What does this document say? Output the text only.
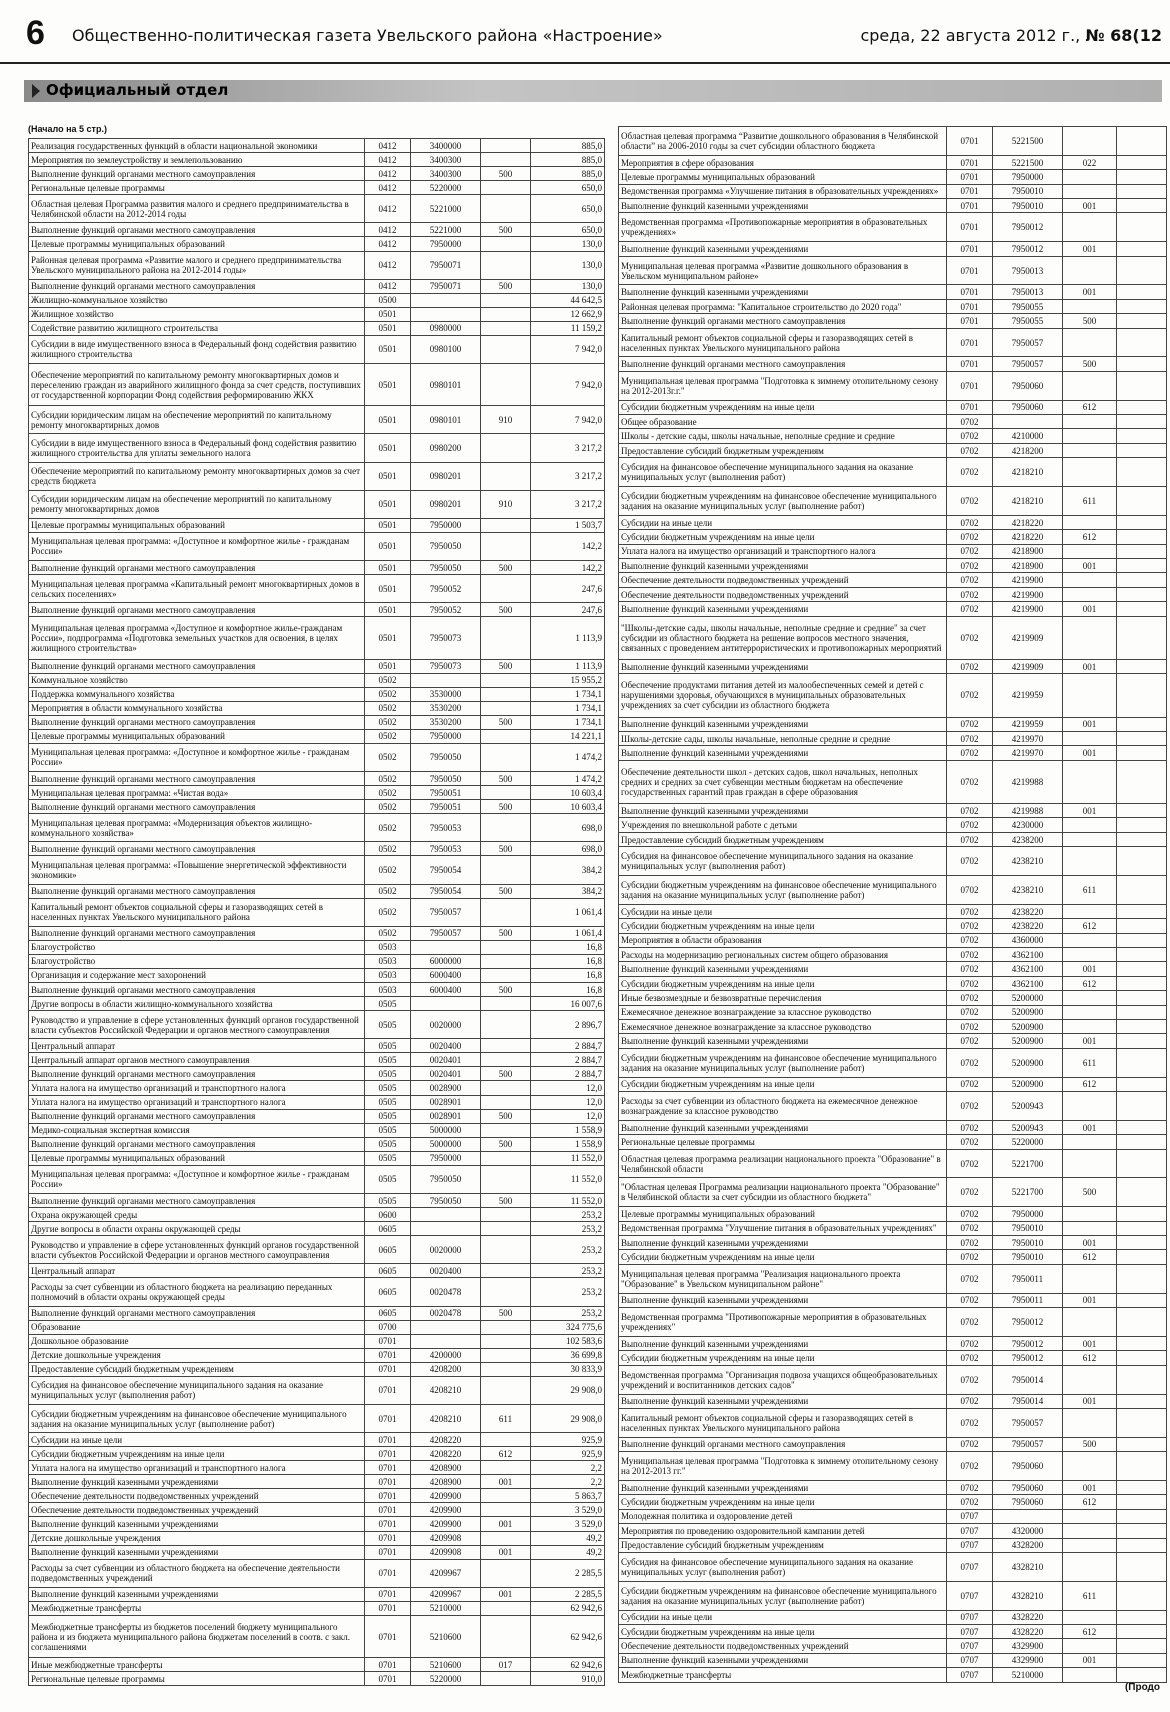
6 Общественно-политическая газета Увельского района «Настроение»	среда, 22 августа 2012 г., № 68(12
Официальный отдел
(Начало на 5 стр.)
Реализация государственных функций в области национальной экономики	0412	3400000		885,0
Мероприятия по землеустройству и землепользованию	0412	3400300		885,0
Выполнение функций органами местного самоуправления	0412	3400300	500	885,0
Региональные целевые программы	0412	5220000		650,0
Областная целевая Программа развития малого и среднего предпринимательства в Челябинской области на 2012-2014 годы	0412	5221000		650,0
Выполнение функций органами местного самоуправления	0412	5221000	500	650,0
Целевые программы муниципальных образований	0412	7950000		130,0
Районная целевая программа «Развитие малого и среднего предпринимательства Увельского муниципального района на 2012-2014 годы»	0412	7950071		130,0
Выполнение функций органами местного самоуправления	0412	7950071	500	130,0
Жилищно-коммунальное хозяйство	0500			44 642,5
Жилищное хозяйство	0501			12 662,9
Содействие развитию жилищного строительства	0501	0980000		11 159,2
Субсидии в виде имущественного взноса в Федеральный фонд содействия развитию жилищного строительства	0501	0980100		7 942,0
Обеспечение мероприятий по капитальному ремонту многоквартирных домов и переселению граждан из аварийного жилищного фонда за счет средств, поступивших от государственной корпорации Фонд содействия реформированию ЖКХ	0501	0980101		7 942,0
Субсидии юридическим лицам на обеспечение мероприятий по капитальному ремонту многоквартирных домов	0501	0980101	910	7 942,0
Субсидии в виде имущественного взноса в Федеральный фонд содействия развитию жилищного строительства для уплаты земельного налога	0501	0980200		3 217,2
Обеспечение мероприятий по капитальному ремонту многоквартирных домов за счет средств бюджета	0501	0980201		3 217,2
Субсидии юридическим лицам на обеспечение мероприятий по капитальному ремонту многоквартирных домов	0501	0980201	910	3 217,2
Целевые программы муниципальных образований	0501	7950000		1 503,7
Муниципальная целевая программа: «Доступное и комфортное жилье - гражданам России»	0501	7950050		142,2
Выполнение функций органами местного самоуправления	0501	7950050	500	142,2
Муниципальная целевая программа «Капитальный ремонт многоквартирных домов в сельских поселениях»	0501	7950052		247,6
Выполнение функций органами местного самоуправления	0501	7950052	500	247,6
Муниципальная целевая программа «Доступное и комфортное жилье-гражданам России», подпрограмма «Подготовка земельных участков для освоения, в целях жилищного строительства»	0501	7950073		1 113,9
Выполнение функций органами местного самоуправления	0501	7950073	500	1 113,9
Коммунальное хозяйство	0502			15 955,2
Поддержка коммунального хозяйства	0502	3530000		1 734,1
Мероприятия в области коммунального хозяйства	0502	3530200		1 734,1
Выполнение функций органами местного самоуправления	0502	3530200	500	1 734,1
Целевые программы муниципальных образований	0502	7950000		14 221,1
Муниципальная целевая программа: «Доступное и комфортное жилье - гражданам России»	0502	7950050		1 474,2
Выполнение функций органами местного самоуправления	0502	7950050	500	1 474,2
Муниципальная целевая программа: «Чистая вода»	0502	7950051		10 603,4
Выполнение функций органами местного самоуправления	0502	7950051	500	10 603,4
Муниципальная целевая программа: «Модернизация объектов жилищно-коммунального хозяйства»	0502	7950053		698,0
Выполнение функций органами местного самоуправления	0502	7950053	500	698,0
Муниципальная целевая программа: «Повышение энергетической эффективности экономики»	0502	7950054		384,2
Выполнение функций органами местного самоуправления	0502	7950054	500	384,2
Капитальный ремонт объектов социальной сферы и газоразводящих сетей в населенных пунктах Увельского муниципального района	0502	7950057		1 061,4
Выполнение функций органами местного самоуправления	0502	7950057	500	1 061,4
Благоустройство	0503			16,8
Благоустройство	0503	6000000		16,8
Организация и содержание мест захоронений	0503	6000400		16,8
Выполнение функций органами местного самоуправления	0503	6000400	500	16,8
Другие вопросы в области жилищно-коммунального хозяйства	0505			16 007,6
Руководство и управление в сфере установленных функций органов государственной власти субъектов Российской Федерации и органов местного самоуправления	0505	0020000		2 896,7
Центральный аппарат	0505	0020400		2 884,7
Центральный аппарат органов местного самоуправления	0505	0020401		2 884,7
Выполнение функций органами местного самоуправления	0505	0020401	500	2 884,7
Уплата налога на имущество организаций и транспортного налога	0505	0028900		12,0
Уплата налога на имущество организаций и транспортного налога	0505	0028901		12,0
Выполнение функций органами местного самоуправления	0505	0028901	500	12,0
Медико-социальная экспертная комиссия	0505	5000000		1 558,9
Выполнение функций органами местного самоуправления	0505	5000000	500	1 558,9
Целевые программы муниципальных образований	0505	7950000		11 552,0
Муниципальная целевая программа: «Доступное и комфортное жилье - гражданам России»	0505	7950050		11 552,0
Выполнение функций органами местного самоуправления	0505	7950050	500	11 552,0
Охрана окружающей среды	0600			253,2
Другие вопросы в области охраны окружающей среды	0605			253,2
Руководство и управление в сфере установленных функций органов государственной власти субъектов Российской Федерации и органов местного самоуправления	0605	0020000		253,2
Центральный аппарат	0605	0020400		253,2
Расходы за счет субвенции из областного бюджета на реализацию переданных полномочий в области охраны окружающей среды	0605	0020478		253,2
Выполнение функций органами местного самоуправления	0605	0020478	500	253,2
Образование	0700			324 775,6
Дошкольное образование	0701			102 583,6
Детские дошкольные учреждения	0701	4200000		36 699,8
Предоставление субсидий бюджетным учреждениям	0701	4208200		30 833,9
Субсидия на финансовое обеспечение муниципального задания на оказание муниципальных услуг (выполнения работ)	0701	4208210		29 908,0
Субсидии бюджетным учреждениям на финансовое обеспечение муниципального задания на оказание муниципальных услуг (выполнение работ)	0701	4208210	611	29 908,0
Субсидии на иные цели	0701	4208220		925,9
Субсидии бюджетным учреждениям на иные цели	0701	4208220	612	925,9
Уплата налога на имущество организаций и транспортного налога	0701	4208900		2,2
Выполнение функций казенными учреждениями	0701	4208900	001	2,2
Обеспечение деятельности подведомственных учреждений	0701	4209900		5 863,7
Обеспечение деятельности подведомственных учреждений	0701	4209900		3 529,0
Выполнение функций казенными учреждениями	0701	4209900	001	3 529,0
Детские дошкольные учреждения	0701	4209908		49,2
Выполнение функций казенными учреждениями	0701	4209908	001	49,2
Расходы за счет субвенции из областного бюджета на обеспечение деятельности подведомственных учреждений	0701	4209967		2 285,5
Выполнение функций казенными учреждениями	0701	4209967	001	2 285,5
Межбюджетные трансферты	0701	5210000		62 942,6
Межбюджетные трансферты из бюджетов поселений бюджету муниципального района и из бюджета муниципального района бюджетам поселений в соотв. с закл. соглашениями	0701	5210600		62 942,6
Иные межбюджетные трансферты	0701	5210600	017	62 942,6
Региональные целевые программы	0701	5220000		910,0
Областная целевая программа “Развитие дошкольного образования в Челябинской области” на 2006-2010 годы за счет субсидии областного бюджета	0701	5221500		
Мероприятия в сфере образования	0701	5221500	022	
Целевые программы муниципальных образований	0701	7950000		
Ведомственная программа «Улучшение питания в образовательных учреждениях»	0701	7950010		
Выполнение функций казенными учреждениями	0701	7950010	001	
Ведомственная программа «Противопожарные мероприятия в образовательных учреждениях»	0701	7950012		
Выполнение функций казенными учреждениями	0701	7950012	001	
Муниципальная целевая программа «Развитие дошкольного образования в Увельском муниципальном районе»	0701	7950013		
Выполнение функций казенными учреждениями	0701	7950013	001	
Районная целевая программа: "Капитальное строительство до 2020 года"	0701	7950055		
Выполнение функций органами местного самоуправления	0701	7950055	500	
Капитальный ремонт объектов социальной сферы и газоразводящих сетей в населенных пунктах Увельского муниципального района	0701	7950057		
Выполнение функций органами местного самоуправления	0701	7950057	500	
Муниципальная целевая программа "Подготовка к зимнему отопительному сезону на 2012-2013г.г."	0701	7950060		
Субсидии бюджетным учреждениям на иные цели	0701	7950060	612	
Общее образование	0702			
Школы - детские сады, школы начальные, неполные средние и средние	0702	4210000		
Предоставление субсидий бюджетным учреждениям	0702	4218200		
Субсидия на финансовое обеспечение муниципального задания на оказание муниципальных услуг (выполнения работ)	0702	4218210		
Субсидии бюджетным учреждениям на финансовое обеспечение муниципального задания на оказание муниципальных услуг (выполнение работ)	0702	4218210	611	
Субсидии на иные цели	0702	4218220		
Субсидии бюджетным учреждениям на иные цели	0702	4218220	612	
Уплата налога на имущество организаций и транспортного налога	0702	4218900		
Выполнение функций казенными учреждениями	0702	4218900	001	
Обеспечение деятельности подведомственных учреждений	0702	4219900		
Обеспечение деятельности подведомственных учреждений	0702	4219900		
Выполнение функций казенными учреждениями	0702	4219900	001	
"Школы-детские сады, школы начальные, неполные средние и средние" за счет субсидии из областного бюджета на решение вопросов местного значения, связанных с проведением антитеррористических и противопожарных мероприятий	0702	4219909		
Выполнение функций казенными учреждениями	0702	4219909	001	
Обеспечение продуктами питания детей из малообеспеченных семей и детей с нарушениями здоровья, обучающихся в муниципальных образовательных учреждениях за счет субсидии из областного бюджета	0702	4219959		
Выполнение функций казенными учреждениями	0702	4219959	001	
Школы-детские сады, школы начальные, неполные средние и средние	0702	4219970		
Выполнение функций казенными учреждениями	0702	4219970	001	
Обеспечение деятельности школ - детских садов, школ начальных, неполных средних и средних за счет субвенции местным бюджетам на обеспечение государственных гарантий прав граждан в сфере образования	0702	4219988		
Выполнение функций казенными учреждениями	0702	4219988	001	
Учреждения по внешкольной работе с детьми	0702	4230000		
Предоставление субсидий бюджетным учреждениям	0702	4238200		
Субсидия на финансовое обеспечение муниципального задания на оказание муниципальных услуг (выполнения работ)	0702	4238210		
Субсидии бюджетным учреждениям на финансовое обеспечение муниципального задания на оказание муниципальных услуг (выполнение работ)	0702	4238210	611	
Субсидии на иные цели	0702	4238220		
Субсидии бюджетным учреждениям на иные цели	0702	4238220	612	
Мероприятия в области образования	0702	4360000		
Расходы на модернизацию региональных систем общего образования	0702	4362100		
Выполнение функций казенными учреждениями	0702	4362100	001	
Субсидии бюджетным учреждениям на иные цели	0702	4362100	612	
Иные безвозмездные и безвозвратные перечисления	0702	5200000		
Ежемесячное денежное вознаграждение за классное руководство	0702	5200900		
Ежемесячное денежное вознаграждение за классное руководство	0702	5200900		
Выполнение функций казенными учреждениями	0702	5200900	001	
Субсидии бюджетным учреждениям на финансовое обеспечение муниципального задания на оказание муниципальных услуг (выполнение работ)	0702	5200900	611	
Субсидии бюджетным учреждениям на иные цели	0702	5200900	612	
Расходы за счет субвенции из областного бюджета на ежемесячное денежное вознаграждение за классное руководство	0702	5200943		
Выполнение функций казенными учреждениями	0702	5200943	001	
Региональные целевые программы	0702	5220000		
Областная целевая программа реализации национального проекта "Образование" в Челябинской области	0702	5221700		
"Областная целевая Программа реализации национального проекта "Образование" в Челябинской области за счет субсидии из областного бюджета"	0702	5221700	500	
Целевые программы муниципальных образований	0702	7950000		
Ведомственная программа "Улучшение питания в образовательных учреждениях"	0702	7950010		
Выполнение функций казенными учреждениями	0702	7950010	001	
Субсидии бюджетным учреждениям на иные цели	0702	7950010	612	
Муниципальная целевая программа "Реализация национального проекта "Образование" в Увельском муниципальном районе"	0702	7950011		
Выполнение функций казенными учреждениями	0702	7950011	001	
Ведомственная программа "Противопожарные мероприятия в образовательных учреждениях"	0702	7950012		
Выполнение функций казенными учреждениями	0702	7950012	001	
Субсидии бюджетным учреждениям на иные цели	0702	7950012	612	
Ведомственная программа "Организация подвоза учащихся общеобразовательных учреждений и воспитанников детских садов"	0702	7950014		
Выполнение функций казенными учреждениями	0702	7950014	001	
Капитальный ремонт объектов социальной сферы и газоразводящих сетей в населенных пунктах Увельского муниципального района	0702	7950057		
Выполнение функций органами местного самоуправления	0702	7950057	500	
Муниципальная целевая программа "Подготовка к зимнему отопительному сезону на 2012-2013 гг."	0702	7950060		
Выполнение функций казенными учреждениями	0702	7950060	001	
Субсидии бюджетным учреждениям на иные цели	0702	7950060	612	
Молодежная политика и оздоровление детей	0707			
Мероприятия по проведению оздоровительной кампании детей	0707	4320000		
Предоставление субсидий бюджетным учреждениям	0707	4328200		
Субсидия на финансовое обеспечение муниципального задания на оказание муниципальных услуг (выполнения работ)	0707	4328210		
Субсидии бюджетным учреждениям на финансовое обеспечение муниципального задания на оказание муниципальных услуг (выполнение работ)	0707	4328210	611	
Субсидии на иные цели	0707	4328220		
Субсидии бюджетным учреждениям на иные цели	0707	4328220	612	
Обеспечение деятельности подведомственных учреждений	0707	4329900		
Выполнение функций казенными учреждениями	0707	4329900	001	
Межбюджетные трансферты	0707	5210000		
(Продо
